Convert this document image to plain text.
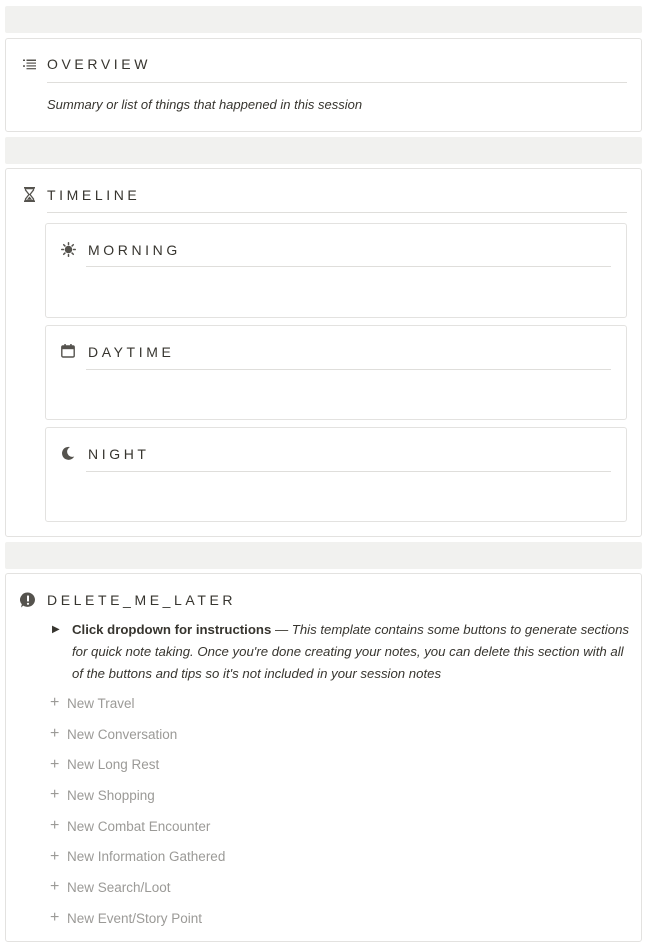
OVERVIEW
Summary or list of things that happened in this session
TIMELINE
MORNING
DAYTIME
NIGHT
DELETE_ME_LATER
▶ Click dropdown for instructions — This template contains some buttons to generate sections for quick note taking. Once you're done creating your notes, you can delete this section with all of the buttons and tips so it's not included in your session notes
+ New Travel
+ New Conversation
+ New Long Rest
+ New Shopping
+ New Combat Encounter
+ New Information Gathered
+ New Search/Loot
+ New Event/Story Point
